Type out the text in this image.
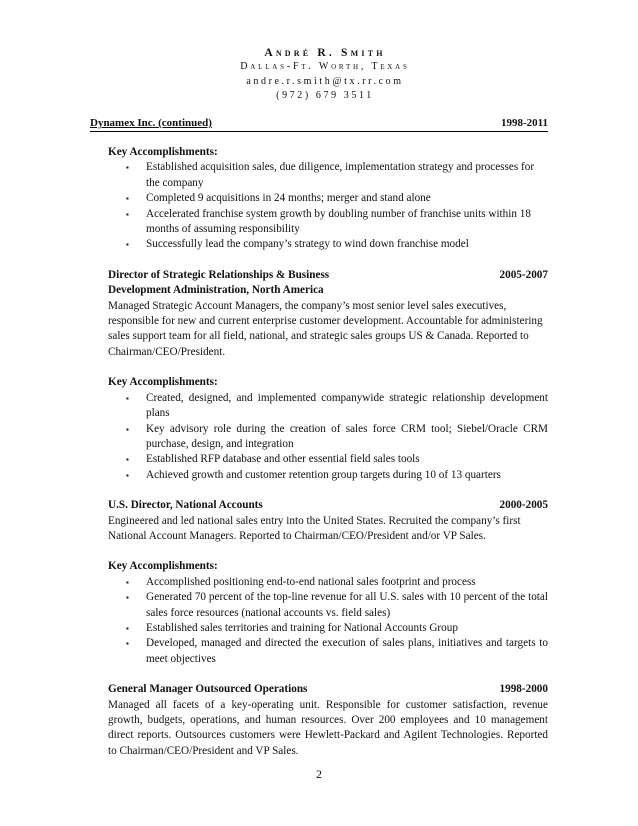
André R. Smith
Dallas-Ft. Worth, Texas
andre.r.smith@tx.rr.com
(972) 679 3511
Dynamex Inc. (continued)	1998-2011
Key Accomplishments:
▪ Established acquisition sales, due diligence, implementation strategy and processes for the company
▪ Completed 9 acquisitions in 24 months; merger and stand alone
▪ Accelerated franchise system growth by doubling number of franchise units within 18 months of assuming responsibility
▪ Successfully lead the company’s strategy to wind down franchise model
Director of Strategic Relationships & Business	2005-2007
Development Administration, North America
Managed Strategic Account Managers, the company’s most senior level sales executives, responsible for new and current enterprise customer development. Accountable for administering sales support team for all field, national, and strategic sales groups US & Canada. Reported to Chairman/CEO/President.
Key Accomplishments:
▪ Created, designed, and implemented companywide strategic relationship development plans
▪ Key advisory role during the creation of sales force CRM tool; Siebel/Oracle CRM purchase, design, and integration
▪ Established RFP database and other essential field sales tools
▪ Achieved growth and customer retention group targets during 10 of 13 quarters
U.S. Director, National Accounts	2000-2005
Engineered and led national sales entry into the United States. Recruited the company’s first National Account Managers. Reported to Chairman/CEO/President and/or VP Sales.
Key Accomplishments:
▪ Accomplished positioning end-to-end national sales footprint and process
▪ Generated 70 percent of the top-line revenue for all U.S. sales with 10 percent of the total sales force resources (national accounts vs. field sales)
▪ Established sales territories and training for National Accounts Group
▪ Developed, managed and directed the execution of sales plans, initiatives and targets to meet objectives
General Manager Outsourced Operations	1998-2000
Managed all facets of a key-operating unit. Responsible for customer satisfaction, revenue growth, budgets, operations, and human resources. Over 200 employees and 10 management direct reports. Outsources customers were Hewlett-Packard and Agilent Technologies. Reported to Chairman/CEO/President and VP Sales.
2
